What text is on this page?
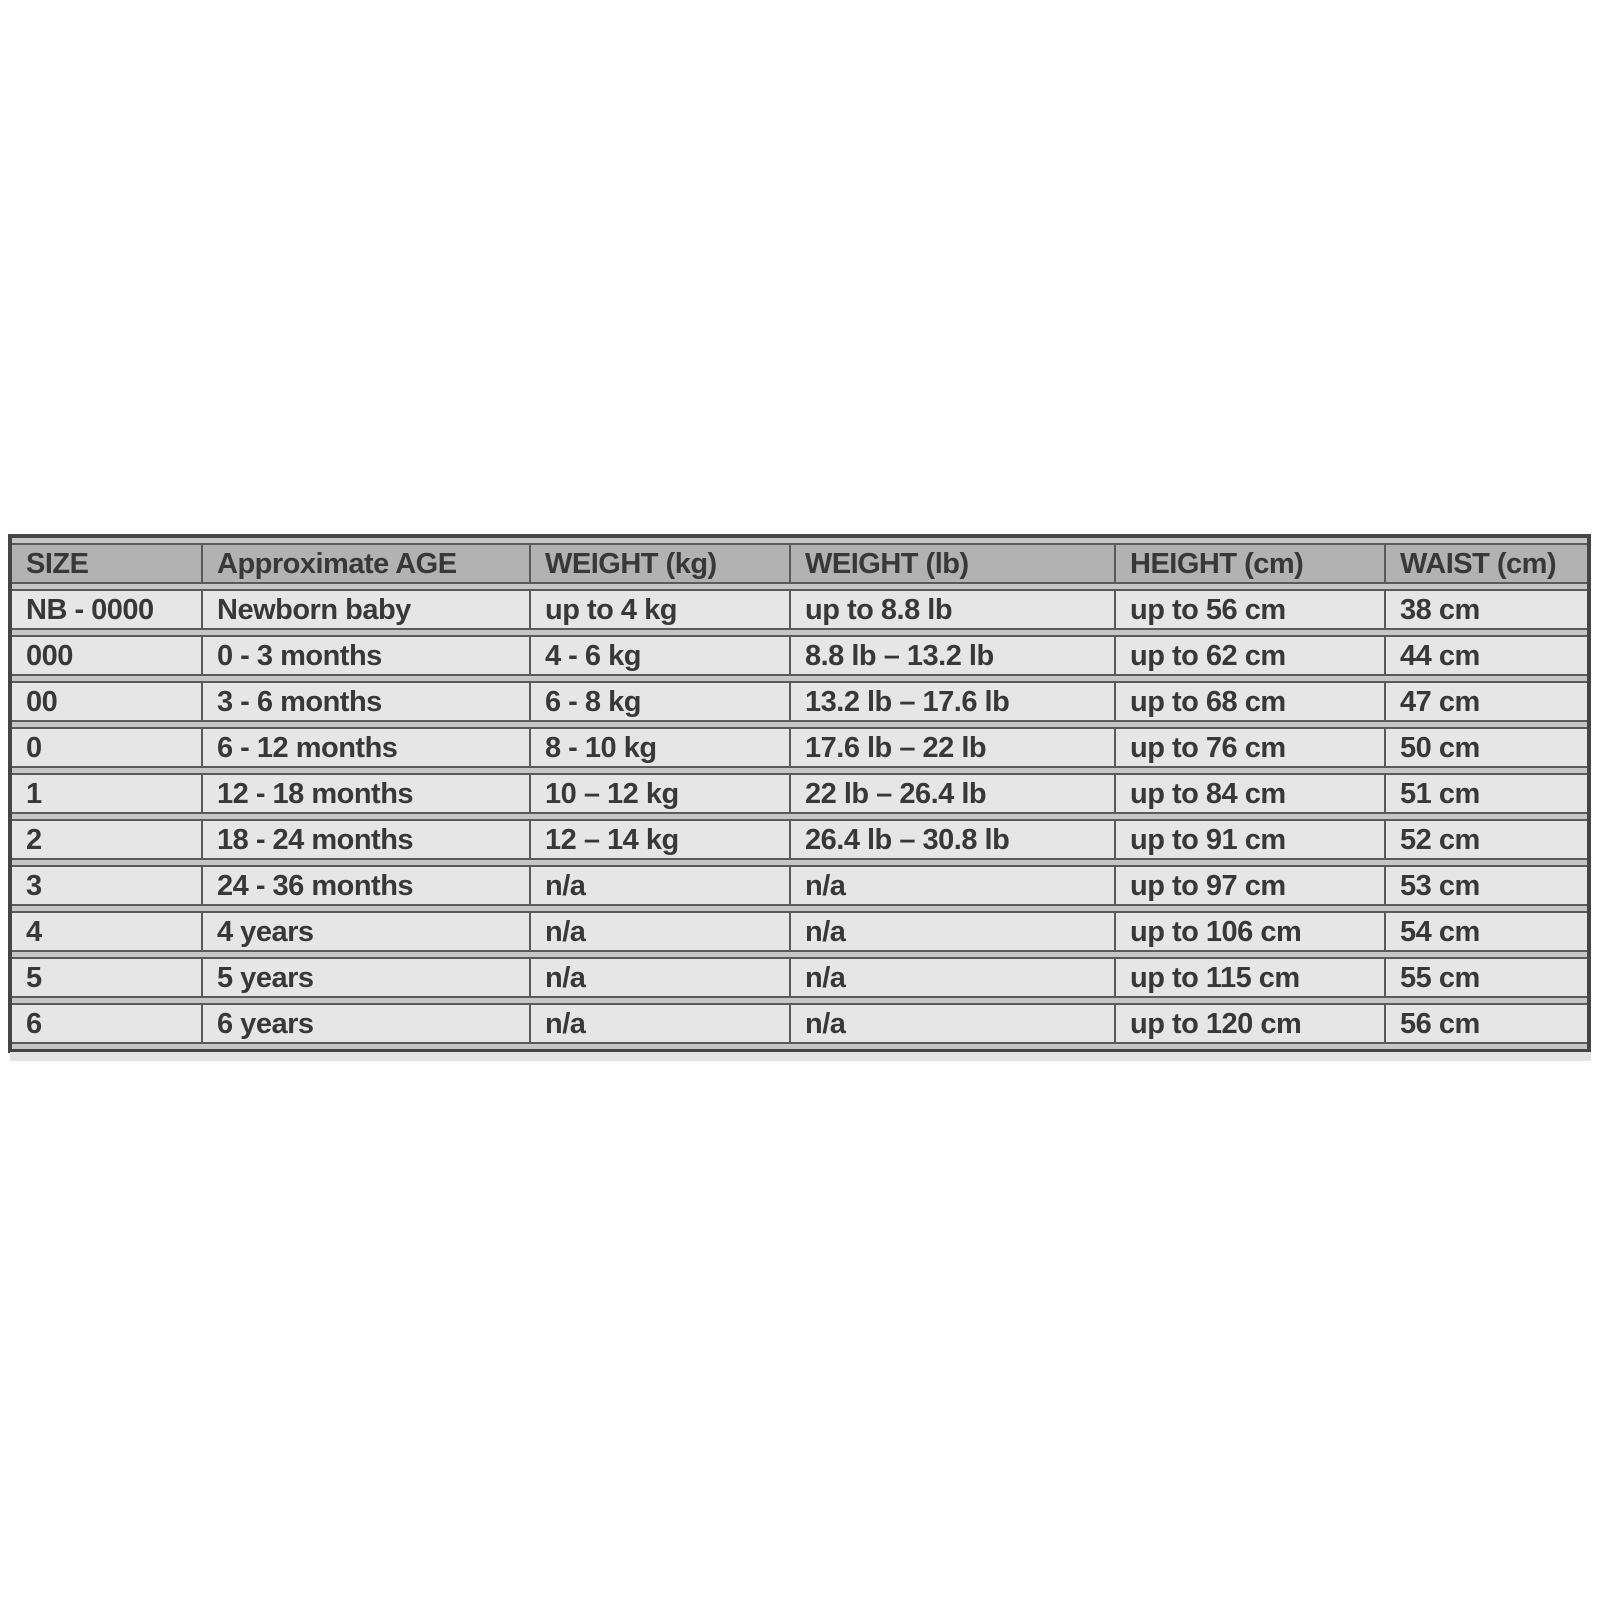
SIZE	Approximate AGE	WEIGHT (kg)	WEIGHT (lb)	HEIGHT (cm)	WAIST (cm)
NB - 0000	Newborn baby	up to 4 kg	up to 8.8 lb	up to 56 cm	38 cm
000	0 - 3 months	4 - 6 kg	8.8 lb – 13.2 lb	up to 62 cm	44 cm
00	3 - 6 months	6 - 8 kg	13.2 lb – 17.6 lb	up to 68 cm	47 cm
0	6 - 12 months	8 - 10 kg	17.6 lb – 22 lb	up to 76 cm	50 cm
1	12 - 18 months	10 – 12 kg	22 lb – 26.4 lb	up to 84 cm	51 cm
2	18 - 24 months	12 – 14 kg	26.4 lb – 30.8 lb	up to 91 cm	52 cm
3	24 - 36 months	n/a	n/a	up to 97 cm	53 cm
4	4 years	n/a	n/a	up to 106 cm	54 cm
5	5 years	n/a	n/a	up to 115 cm	55 cm
6	6 years	n/a	n/a	up to 120 cm	56 cm
